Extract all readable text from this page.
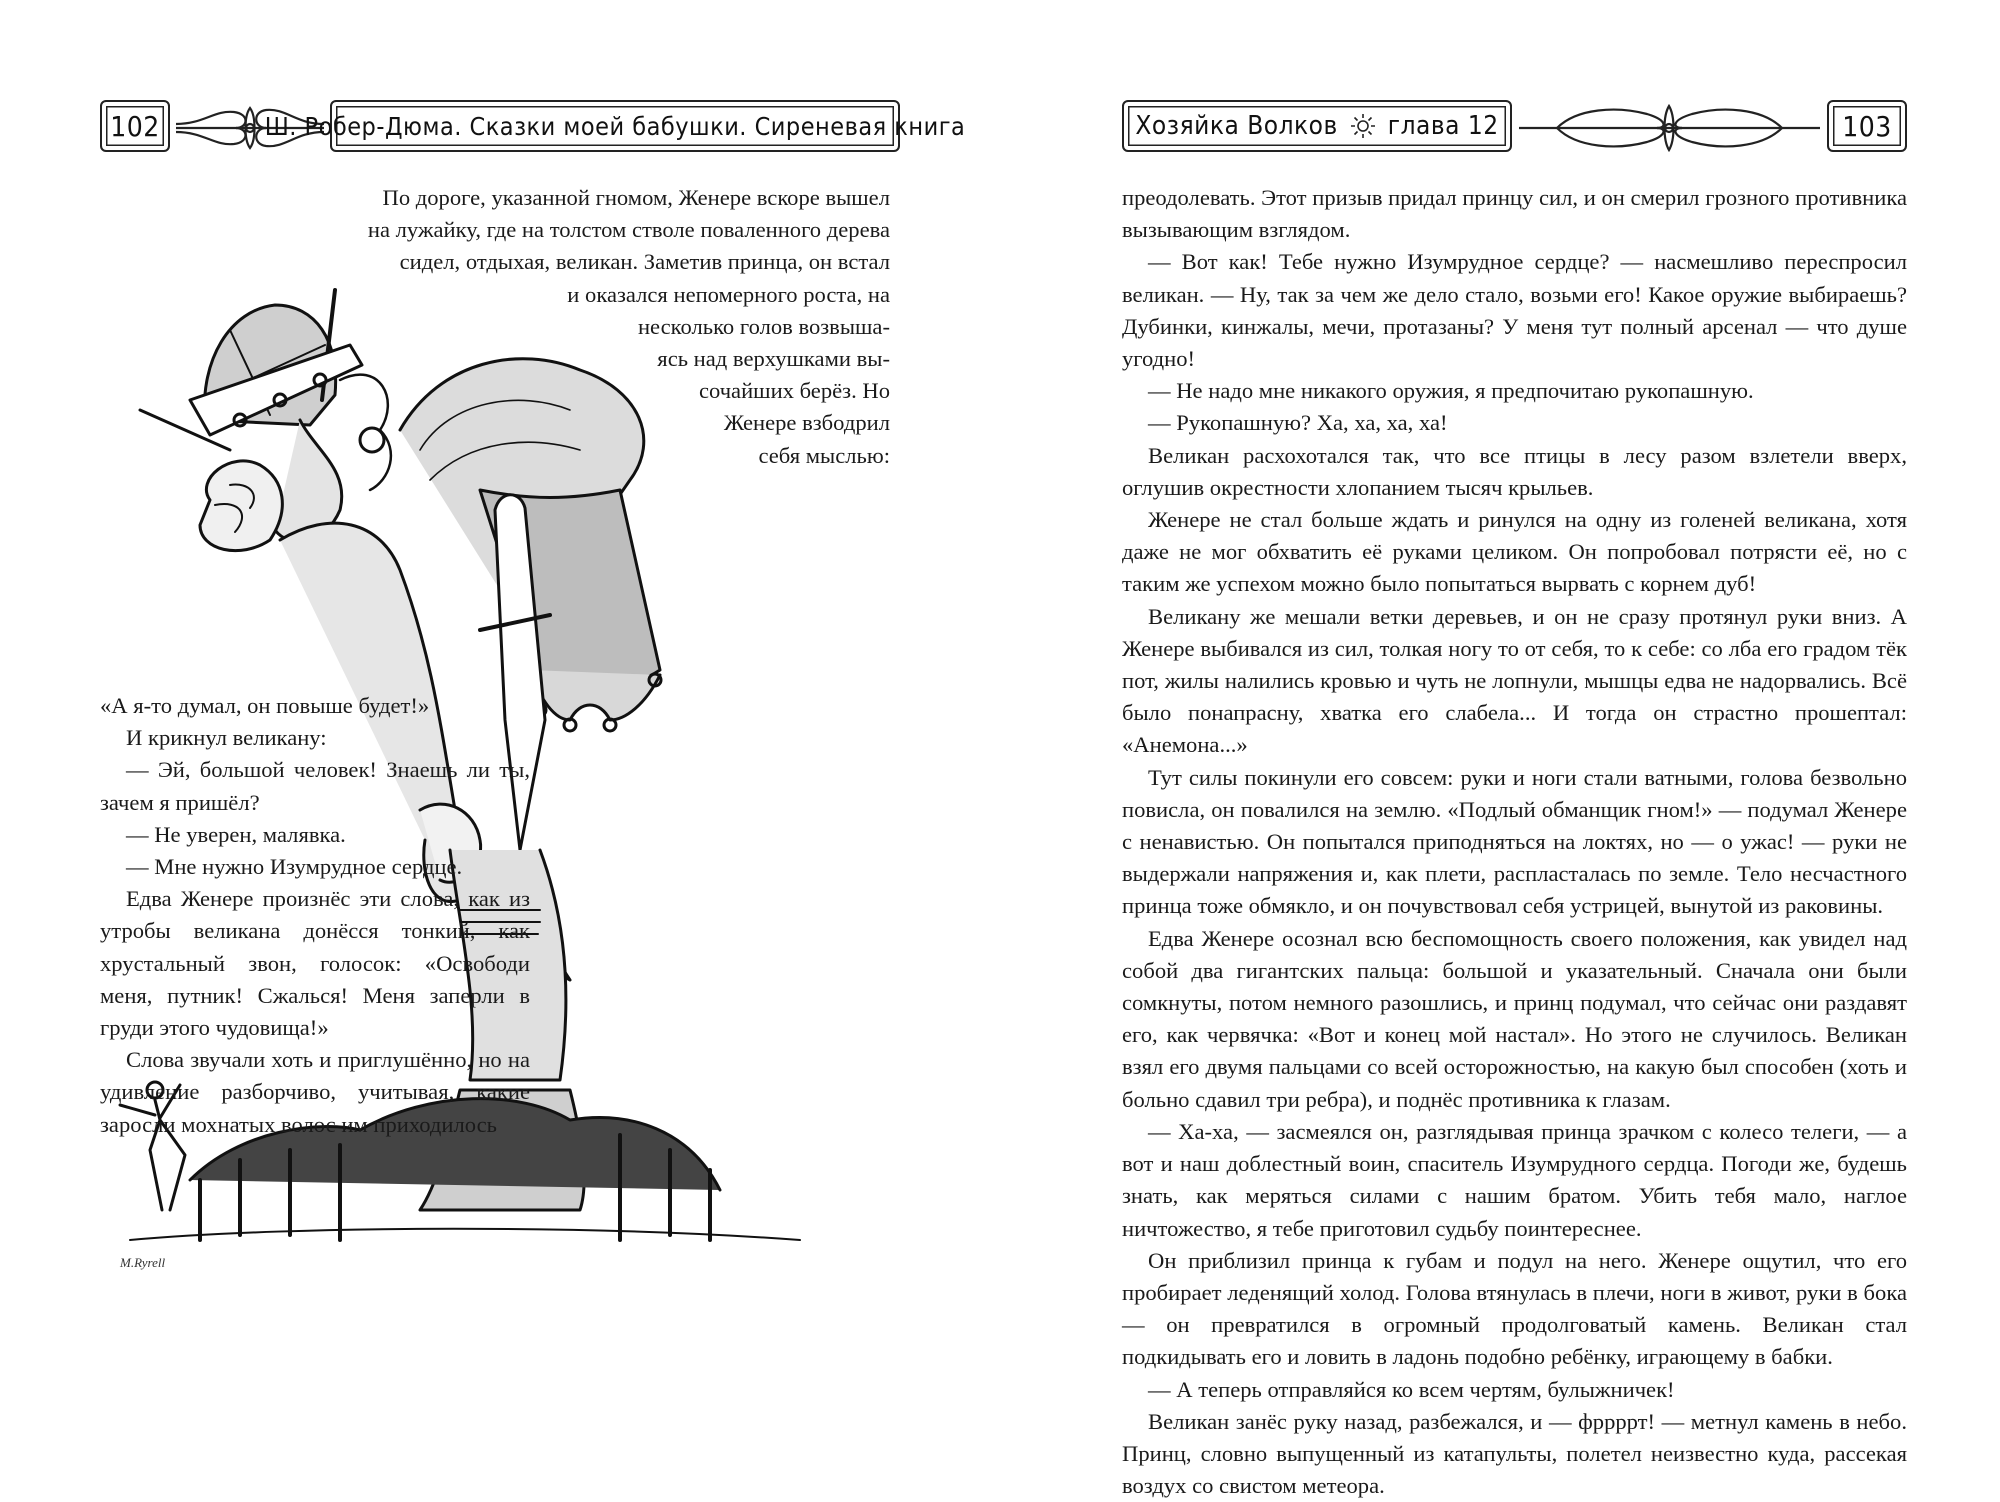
102	Ш. Робер-Дюма. Сказки моей бабушки. Сиреневая книга
По дороге, указанной гномом, Женере вскоре вышел
на лужайку, где на толстом стволе поваленного дерева
сидел, отдыхая, великан. Заметив принца, он встал
и оказался непомерного роста, на
несколько голов возвыша-
ясь над верхушками вы-
сочайших берёз. Но
Женере взбодрил
себя мыслью:

«А я-то думал, он повыше будет!»

И крикнул великану:

— Эй, большой человек! Знаешь ли ты, зачем я пришёл?

— Не уверен, малявка.

— Мне нужно Изумрудное сердце.

Едва Женере произнёс эти слова, как из утробы великана донёсся тонкий, как хрустальный звон, голосок: «Освободи меня, путник! Сжалься! Меня заперли в груди этого чудовища!»

Слова звучали хоть и приглушённо, но на удивление разборчиво, учитывая, какие заросли мохнатых волос им приходилось

M.Ryrell
Хозяйка Волков глава 12	103

преодолевать. Этот призыв придал принцу сил, и он смерил грозного противника вызывающим взглядом.

— Вот как! Тебе нужно Изумрудное сердце? — насмешливо переспросил великан. — Ну, так за чем же дело стало, возьми его! Какое оружие выбираешь? Дубинки, кинжалы, мечи, протазаны? У меня тут полный арсенал — что душе угодно!

— Не надо мне никакого оружия, я предпочитаю рукопашную.

— Рукопашную? Ха, ха, ха, ха!

Великан расхохотался так, что все птицы в лесу разом взлетели вверх, оглушив окрестности хлопанием тысяч крыльев.

Женере не стал больше ждать и ринулся на одну из голеней великана, хотя даже не мог обхватить её руками целиком. Он попробовал потрясти её, но с таким же успехом можно было попытаться вырвать с корнем дуб!

Великану же мешали ветки деревьев, и он не сразу протянул руки вниз. А Женере выбивался из сил, толкая ногу то от себя, то к себе: со лба его градом тёк пот, жилы налились кровью и чуть не лопнули, мышцы едва не надорвались. Всё было понапрасну, хватка его слабела... И тогда он страстно прошептал: «Анемона...»

Тут силы покинули его совсем: руки и ноги стали ватными, голова безвольно повисла, он повалился на землю. «Подлый обманщик гном!» — подумал Женере с ненавистью. Он попытался приподняться на локтях, но — о ужас! — руки не выдержали напряжения и, как плети, распласталась по земле. Тело несчастного принца тоже обмякло, и он почувствовал себя устрицей, вынутой из раковины.

Едва Женере осознал всю беспомощность своего положения, как увидел над собой два гигантских пальца: большой и указательный. Сначала они были сомкнуты, потом немного разошлись, и принц подумал, что сейчас они раздавят его, как червячка: «Вот и конец мой настал». Но этого не случилось. Великан взял его двумя пальцами со всей осторожностью, на какую был способен (хоть и больно сдавил три ребра), и поднёс противника к глазам.

— Ха-ха, — засмеялся он, разглядывая принца зрачком с колесо телеги, — а вот и наш доблестный воин, спаситель Изумрудного сердца. Погоди же, будешь знать, как меряться силами с нашим братом. Убить тебя мало, наглое ничтожество, я тебе приготовил судьбу поинтереснее.

Он приблизил принца к губам и подул на него. Женере ощутил, что его пробирает леденящий холод. Голова втянулась в плечи, ноги в живот, руки в бока — он превратился в огромный продолговатый камень. Великан стал подкидывать его и ловить в ладонь подобно ребёнку, играющему в бабки.

— А теперь отправляйся ко всем чертям, булыжничек!

Великан занёс руку назад, разбежался, и — фррррт! — метнул камень в небо. Принц, словно выпущенный из катапульты, полетел неизвестно куда, рассекая воздух со свистом метеора.
